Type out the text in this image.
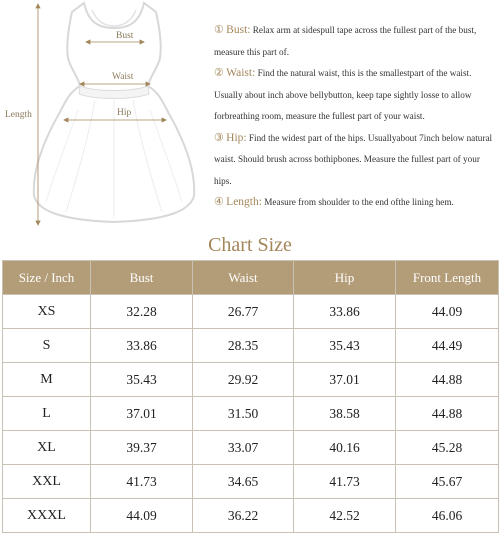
Bust
Waist
Hip
Length

① Bust: Relax arm at sidespull tape across the fullest part of the bust, measure this part of.

② Waist: Find the natural waist, this is the smallestpart of the waist. Usually about inch above bellybutton, keep tape sightly losse to allow forbreathing room, measure the fullest part of your waist.

③ Hip: Find the widest part of the hips. Usuallyabout 7inch below natural waist. Should brush across bothipbones. Measure the fullest part of your hips.

④ Length: Measure from shoulder to the end ofthe lining hem.

Chart Size
Size / Inch	Bust	Waist	Hip	Front Length
XS	32.28	26.77	33.86	44.09
S	33.86	28.35	35.43	44.49
M	35.43	29.92	37.01	44.88
L	37.01	31.50	38.58	44.88
XL	39.37	33.07	40.16	45.28
XXL	41.73	34.65	41.73	45.67
XXXL	44.09	36.22	42.52	46.06
